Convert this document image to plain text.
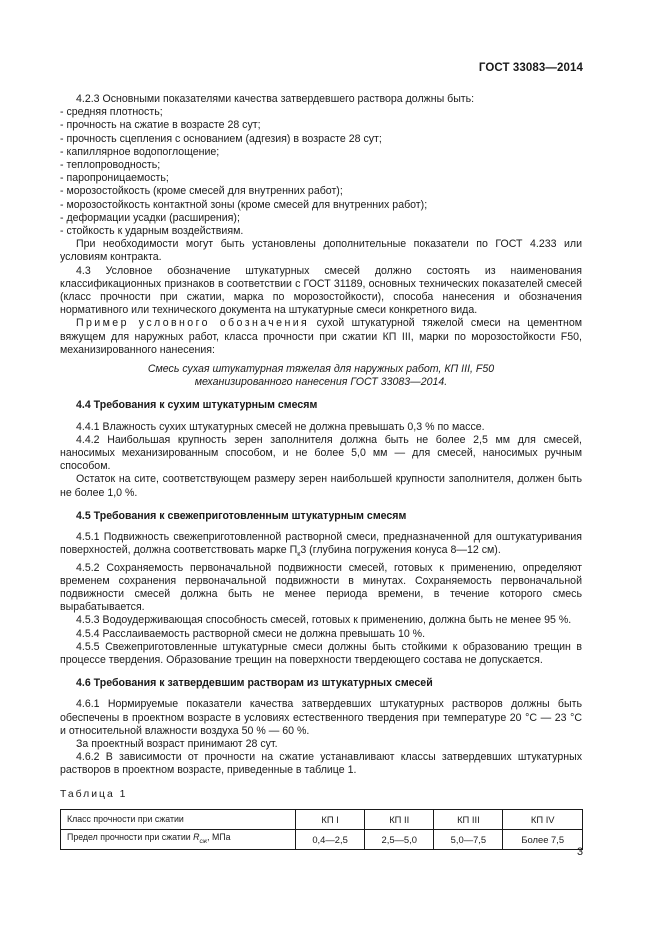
ГОСТ 33083—2014

4.2.3 Основными показателями качества затвердевшего раствора должны быть:

- средняя плотность;

- прочность на сжатие в возрасте 28 сут;

- прочность сцепления с основанием (адгезия) в возрасте 28 сут;

- капиллярное водопоглощение;

- теплопроводность;

- паропроницаемость;

- морозостойкость (кроме смесей для внутренних работ);

- морозостойкость контактной зоны (кроме смесей для внутренних работ);

- деформации усадки (расширения);

- стойкость к ударным воздействиям.

При необходимости могут быть установлены дополнительные показатели по ГОСТ 4.233 или условиям контракта.

4.3 Условное обозначение штукатурных смесей должно состоять из наименования классификационных признаков в соответствии с ГОСТ 31189, основных технических показателей смесей (класс прочности при сжатии, марка по морозостойкости), способа нанесения и обозначения нормативного или технического документа на штукатурные смеси конкретного вида.

Пример условного обозначения сухой штукатурной тяжелой смеси на цементном вяжущем для наружных работ, класса прочности при сжатии КП III, марки по морозостойкости F50, механизированного нанесения:

Смесь сухая штукатурная тяжелая для наружных работ, КП III, F50
механизированного нанесения ГОСТ 33083—2014.

4.4 Требования к сухим штукатурным смесям

4.4.1 Влажность сухих штукатурных смесей не должна превышать 0,3 % по массе.

4.4.2 Наибольшая крупность зерен заполнителя должна быть не более 2,5 мм для смесей, наносимых механизированным способом, и не более 5,0 мм — для смесей, наносимых ручным способом.

Остаток на сите, соответствующем размеру зерен наибольшей крупности заполнителя, должен быть не более 1,0 %.

4.5 Требования к свежеприготовленным штукатурным смесям

4.5.1 Подвижность свежеприготовленной растворной смеси, предназначенной для оштукатуривания поверхностей, должна соответствовать марке $П_к3$ (глубина погружения конуса 8—12 см).

4.5.2 Сохраняемость первоначальной подвижности смесей, готовых к применению, определяют временем сохранения первоначальной подвижности в минутах. Сохраняемость первоначальной подвижности смесей должна быть не менее периода времени, в течение которого смесь вырабатывается.

4.5.3 Водоудерживающая способность смесей, готовых к применению, должна быть не менее 95 %.

4.5.4 Расслаиваемость растворной смеси не должна превышать 10 %.

4.5.5 Свежеприготовленные штукатурные смеси должны быть стойкими к образованию трещин в процессе твердения. Образование трещин на поверхности твердеющего состава не допускается.

4.6 Требования к затвердевшим растворам из штукатурных смесей

4.6.1 Нормируемые показатели качества затвердевших штукатурных растворов должны быть обеспечены в проектном возрасте в условиях естественного твердения при температуре 20 °С — 23 °С и относительной влажности воздуха 50 % — 60 %.

За проектный возраст принимают 28 сут.

4.6.2 В зависимости от прочности на сжатие устанавливают классы затвердевших штукатурных растворов в проектном возрасте, приведенные в таблице 1.

Таблица 1

Класс прочности при сжатии	КП I	КП II	КП III	КП IV
Предел прочности при сжатии $R_{сж}$, МПа	0,4—2,5	2,5—5,0	5,0—7,5	Более 7,5
3
